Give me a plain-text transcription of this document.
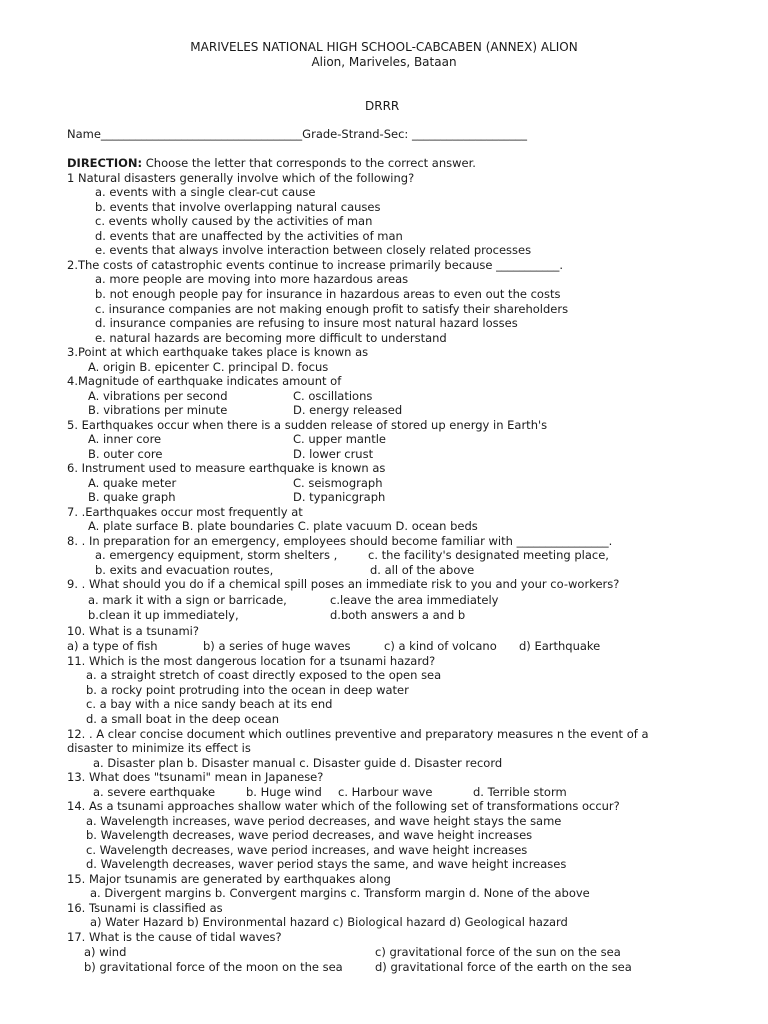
MARIVELES NATIONAL HIGH SCHOOL-CABCABEN (ANNEX) ALION
Alion, Mariveles, Bataan
DRRR
Name___________________________________Grade-Strand-Sec: ____________________
DIRECTION: Choose the letter that corresponds to the correct answer.
1 Natural disasters generally involve which of the following?
a. events with a single clear-cut cause
b. events that involve overlapping natural causes
c. events wholly caused by the activities of man
d. events that are unaffected by the activities of man
e. events that always involve interaction between closely related processes
2.The costs of catastrophic events continue to increase primarily because ___________.
a. more people are moving into more hazardous areas
b. not enough people pay for insurance in hazardous areas to even out the costs
c. insurance companies are not making enough profit to satisfy their shareholders
d. insurance companies are refusing to insure most natural hazard losses
e. natural hazards are becoming more difficult to understand
3.Point at which earthquake takes place is known as
A. origin B. epicenter C. principal D. focus
4.Magnitude of earthquake indicates amount of
A. vibrations per second	C. oscillations
B. vibrations per minute	D. energy released
5. Earthquakes occur when there is a sudden release of stored up energy in Earth's
A. inner core	C. upper mantle
B. outer core	D. lower crust
6. Instrument used to measure earthquake is known as
A. quake meter	C. seismograph
B. quake graph	D. typanicgraph
7. .Earthquakes occur most frequently at
A. plate surface B. plate boundaries C. plate vacuum D. ocean beds
8. . In preparation for an emergency, employees should become familiar with ________________.
a. emergency equipment, storm shelters ,	c. the facility's designated meeting place,
b. exits and evacuation routes,	d. all of the above
9. . What should you do if a chemical spill poses an immediate risk to you and your co-workers?
a. mark it with a sign or barricade,	c.leave the area immediately
b.clean it up immediately,	d.both answers a and b
10. What is a tsunami?
a) a type of fish	b) a series of huge waves	c) a kind of volcano d) Earthquake
11. Which is the most dangerous location for a tsunami hazard?
a. a straight stretch of coast directly exposed to the open sea
b. a rocky point protruding into the ocean in deep water
c. a bay with a nice sandy beach at its end
d. a small boat in the deep ocean
12. . A clear concise document which outlines preventive and preparatory measures n the event of a
disaster to minimize its effect is
a. Disaster plan b. Disaster manual c. Disaster guide d. Disaster record
13. What does "tsunami" mean in Japanese?
a. severe earthquake	b. Huge wind c. Harbour wave	d. Terrible storm
14. As a tsunami approaches shallow water which of the following set of transformations occur?
a. Wavelength increases, wave period decreases, and wave height stays the same
b. Wavelength decreases, wave period decreases, and wave height increases
c. Wavelength decreases, wave period increases, and wave height increases
d. Wavelength decreases, waver period stays the same, and wave height increases
15. Major tsunamis are generated by earthquakes along
a. Divergent margins b. Convergent margins c. Transform margin d. None of the above
16. Tsunami is classified as
a) Water Hazard b) Environmental hazard c) Biological hazard d) Geological hazard
17. What is the cause of tidal waves?
a) wind	c) gravitational force of the sun on the sea
b) gravitational force of the moon on the sea	d) gravitational force of the earth on the sea
